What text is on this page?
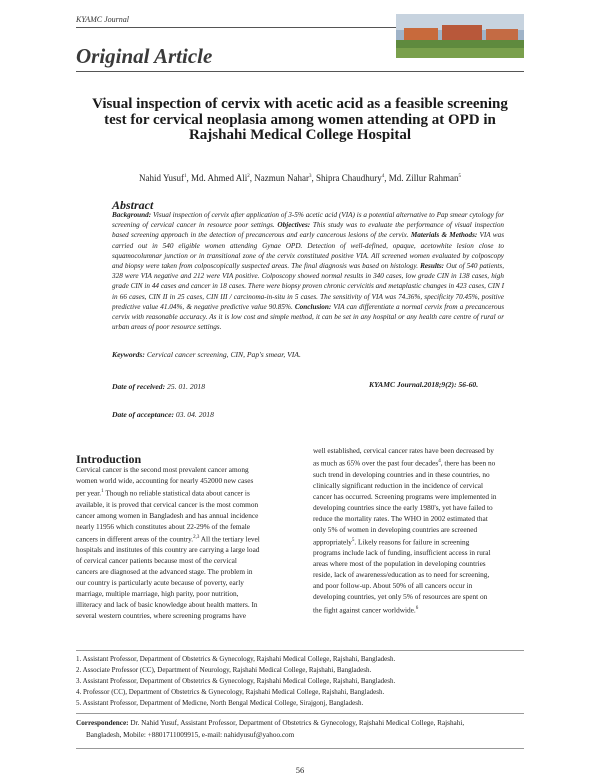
KYAMC Journal
Original Article
Visual inspection of cervix with acetic acid as a feasible screening test for cervical neoplasia among women attending at OPD in Rajshahi Medical College Hospital
Nahid Yusuf$^1$, Md. Ahmed Ali$^2$, Nazmun Nahar$^3$, Shipra Chaudhury$^4$, Md. Zillur Rahman$^5$
Abstract
Background: Visual inspection of cervix after application of 3-5% acetic acid (VIA) is a potential alternative to Pap smear cytology for screening of cervical cancer in resource poor settings. Objectives: This study was to evaluate the performance of visual inspection based screening approach in the detection of precancerous and early cancerous lesions of the cervix. Materials & Methods: VIA was carried out in 540 eligible women attending Gynae OPD. Detection of well-defined, opaque, acetowhite lesion close to squamocolumnar junction or in transitional zone of the cervix constituted positive VIA. All screened women evaluated by colposcopy and biopsy were taken from colposcopically suspected areas. The final diagnosis was based on histology. Results: Out of 540 patients, 328 were VIA negative and 212 were VIA positive. Colposcopy showed normal results in 340 cases, low grade CIN in 138 cases, high grade CIN in 44 cases and cancer in 18 cases. There were biopsy proven chronic cervicitis and metaplastic changes in 423 cases, CIN I in 66 cases, CIN II in 25 cases, CIN III / carcinoma-in-situ in 5 cases. The sensitivity of VIA was 74.36%, specificity 70.45%, positive predictive value 41.04%, & negative predictive value 90.85%. Conclusion: VIA can differentiate a normal cervix from a precancerous cervix with reasonable accuracy. As it is low cost and simple method, it can be set in any hospital or any health care centre of rural or urban areas of poor resource settings.
Keywords: Cervical cancer screening, CIN, Pap's smear, VIA.
Date of received: 25. 01. 2018	KYAMC Journal.2018;9(2): 56-60.
Date of acceptance: 03. 04. 2018
Introduction
Cervical cancer is the second most prevalent cancer among
women world wide, accounting for nearly 452000 new cases
per year.$^1$ Though no reliable statistical data about cancer is
available, it is proved that cervical cancer is the most common
cancer among women in Bangladesh and has annual incidence
nearly 11956 which constitutes about 22-29% of the female
cancers in different areas of the country.$^{2,3}$ All the tertiary level
hospitals and institutes of this country are carrying a large load
of cervical cancer patients because most of the cervical
cancers are diagnosed at the advanced stage. The problem in
our country is particularly acute because of poverty, early
marriage, multiple marriage, high parity, poor nutrition,
illiteracy and lack of basic knowledge about health matters. In
several western countries, where screening programs have
well established, cervical cancer rates have been decreased by
as much as 65% over the past four decades$^4$, there has been no
such trend in developing countries and in these countries, no
clinically significant reduction in the incidence of cervical
cancer has occurred. Screening programs were implemented in
developing countries since the early 1980's, yet have failed to
reduce the mortality rates. The WHO in 2002 estimated that
only 5% of women in developing countries are screened
appropriately$^5$. Likely reasons for failure in screening
programs include lack of funding, insufficient access in rural
areas where most of the population in developing countries
reside, lack of awareness/education as to need for screening,
and poor follow-up. About 50% of all cancers occur in
developing countries, yet only 5% of resources are spent on
the fight against cancer worldwide.$^6$
1. Assistant Professor, Department of Obstetrics & Gynecology, Rajshahi Medical College, Rajshahi, Bangladesh.
2. Associate Professor (CC), Department of Neurology, Rajshahi Medical College, Rajshahi, Bangladesh.
3. Assistant Professor, Department of Obstetrics & Gynecology, Rajshahi Medical College, Rajshahi, Bangladesh.
4. Professor (CC), Department of Obstetrics & Gynecology, Rajshahi Medical College, Rajshahi, Bangladesh.
5. Assistant Professor, Department of Medicne, North Bengal Medical College, Sirajgonj, Bangladesh.
Correspondence: Dr. Nahid Yusuf, Assistant Professor, Department of Obstetrics & Gynecology, Rajshahi Medical College, Rajshahi,
Bangladesh, Mobile: +8801711009915, e-mail: nahidyusuf@yahoo.com
56
